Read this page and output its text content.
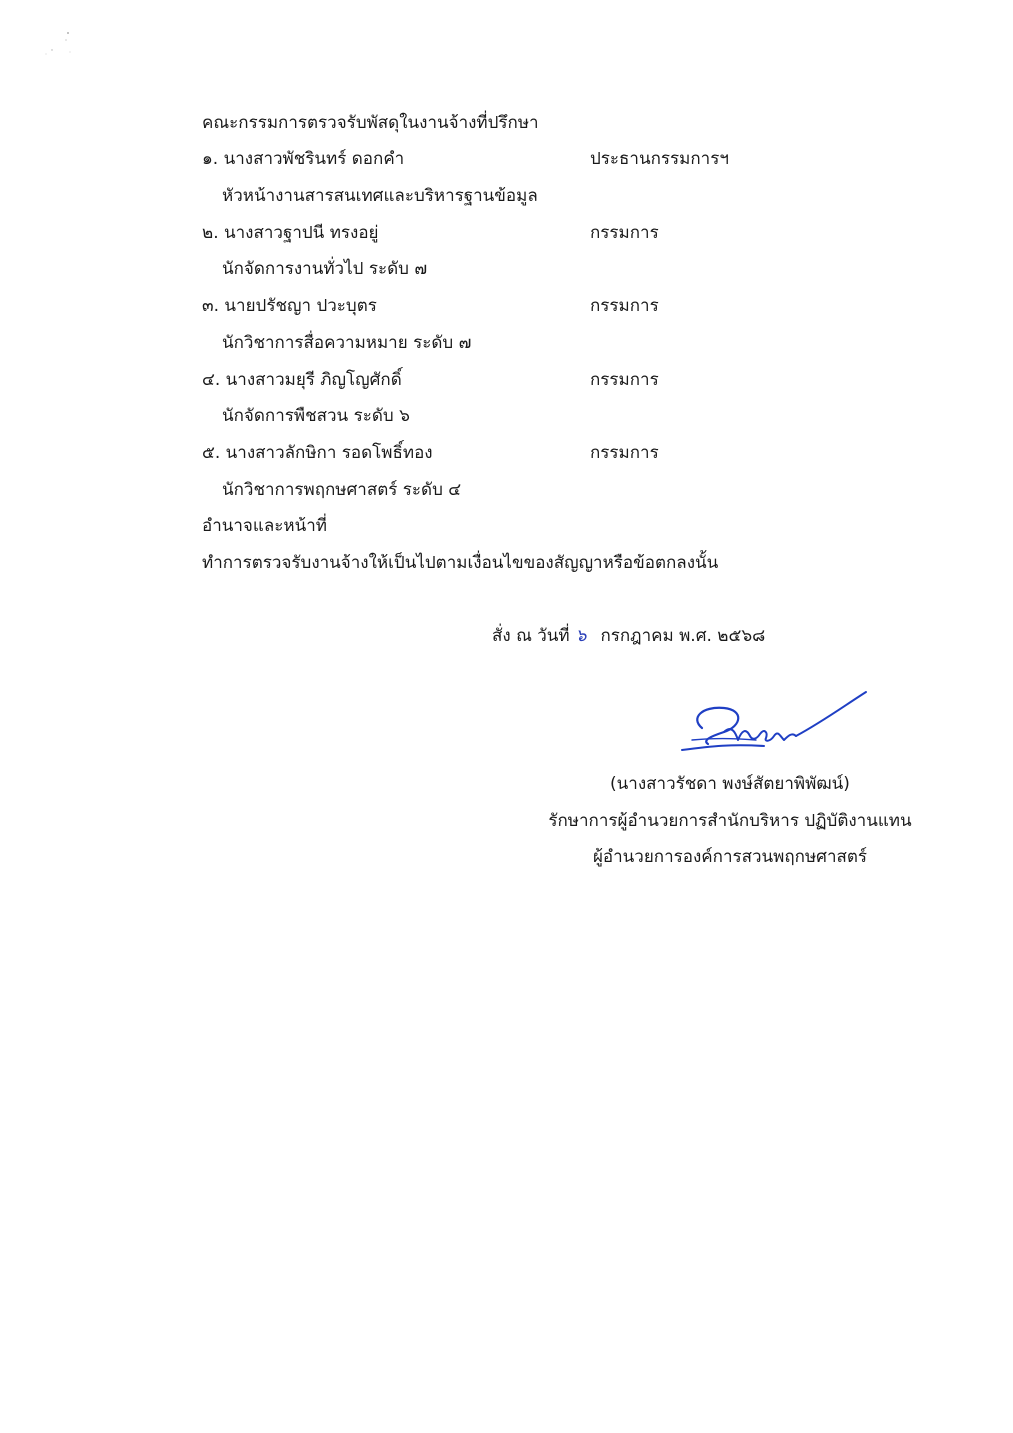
คณะกรรมการตรวจรับพัสดุในงานจ้างที่ปรึกษา
๑. นางสาวพัชรินทร์ ดอกคำ	ประธานกรรมการฯ
หัวหน้างานสารสนเทศและบริหารฐานข้อมูล
๒. นางสาวฐาปนี ทรงอยู่	กรรมการ
นักจัดการงานทั่วไป ระดับ ๗
๓. นายปรัชญา ปวะบุตร	กรรมการ
นักวิชาการสื่อความหมาย ระดับ ๗
๔. นางสาวมยุรี ภิญโญศักดิ์	กรรมการ
นักจัดการพืชสวน ระดับ ๖
๕. นางสาวลักษิกา รอดโพธิ์ทอง	กรรมการ
นักวิชาการพฤกษศาสตร์ ระดับ ๔
อำนาจและหน้าที่
ทำการตรวจรับงานจ้างให้เป็นไปตามเงื่อนไขของสัญญาหรือข้อตกลงนั้น
สั่ง ณ วันที่ ๖ กรกฎาคม พ.ศ. ๒๕๖๘
(นางสาวรัชดา พงษ์สัตยาพิพัฒน์)
รักษาการผู้อำนวยการสำนักบริหาร ปฏิบัติงานแทน
ผู้อำนวยการองค์การสวนพฤกษศาสตร์
